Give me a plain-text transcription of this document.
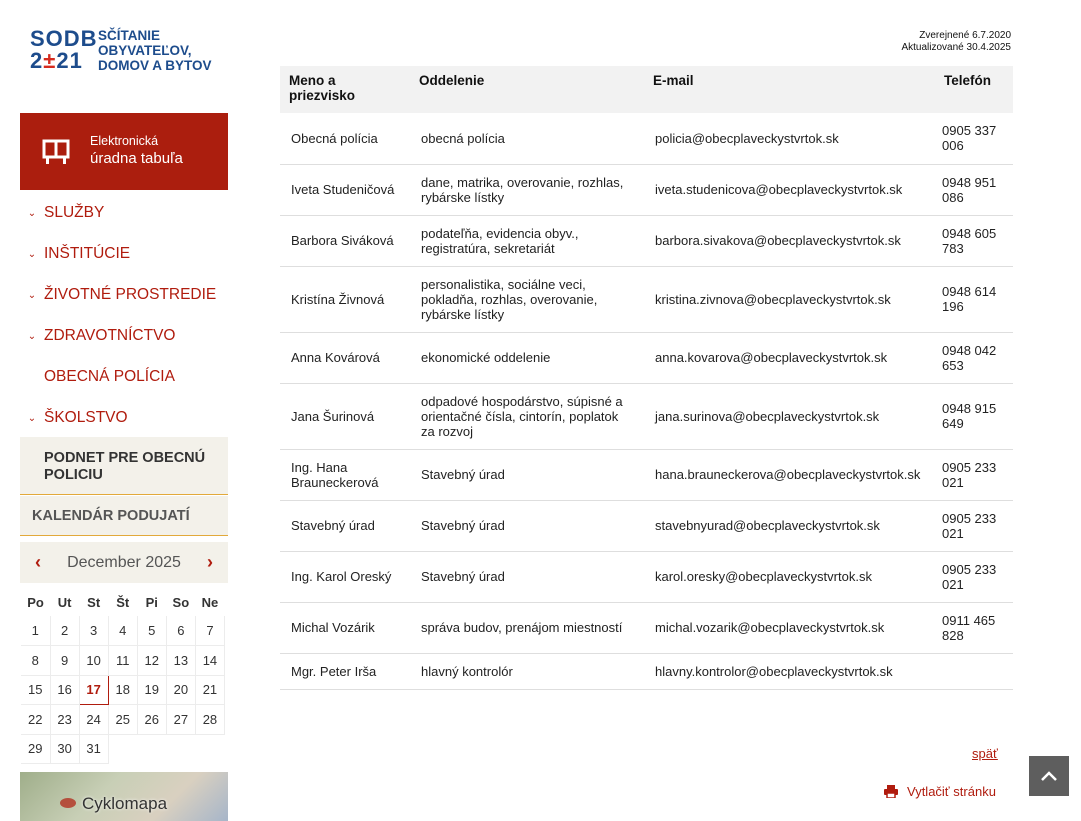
SODB
2±21
SČÍTANIE
OBYVATEĽOV,
DOMOV A BYTOV
Elektronická
úradna tabuľa
⌄ SLUŽBY
⌄ INŠTITÚCIE
⌄ ŽIVOTNÉ PROSTREDIE
⌄ ZDRAVOTNÍCTVO
OBECNÁ POLÍCIA
⌄ ŠKOLSTVO
PODNET PRE OBECNÚ POLICIU
KALENDÁR PODUJATÍ
‹	December 2025	›
Po	Ut	St	Št	Pi	So	Ne
1	2	3	4	5	6	7
8	9	10	11	12	13	14
15	16	17	18	19	20	21
22	23	24	25	26	27	28
29	30	31				
Cyklomapa
Zverejnené 6.7.2020
Aktualizované 30.4.2025
Meno a priezvisko	Oddelenie	E-mail	Telefón
Obecná polícia	obecná polícia	policia@obecplaveckystvrtok.sk	0905 337 006
Iveta Studeničová	dane, matrika, overovanie, rozhlas, rybárske lístky	iveta.studenicova@obecplaveckystvrtok.sk	0948 951 086
Barbora Siváková	podateľňa, evidencia obyv., registratúra, sekretariát	barbora.sivakova@obecplaveckystvrtok.sk	0948 605 783
Kristína Živnová	personalistika, sociálne veci, pokladňa, rozhlas, overovanie, rybárske lístky	kristina.zivnova@obecplaveckystvrtok.sk	0948 614 196
Anna Kovárová	ekonomické oddelenie	anna.kovarova@obecplaveckystvrtok.sk	0948 042 653
Jana Šurinová	odpadové hospodárstvo, súpisné a orientačné čísla, cintorín, poplatok za rozvoj	jana.surinova@obecplaveckystvrtok.sk	0948 915 649
Ing. Hana Brauneckerová	Stavebný úrad	hana.brauneckerova@obecplaveckystvrtok.sk	0905 233 021
Stavebný úrad	Stavebný úrad	stavebnyurad@obecplaveckystvrtok.sk	0905 233 021
Ing. Karol Oreský	Stavebný úrad	karol.oresky@obecplaveckystvrtok.sk	0905 233 021
Michal Vozárik	správa budov, prenájom miestností	michal.vozarik@obecplaveckystvrtok.sk	0911 465 828
Mgr. Peter Irša	hlavný kontrolór	hlavny.kontrolor@obecplaveckystvrtok.sk	
späť
Vytlačiť stránku
